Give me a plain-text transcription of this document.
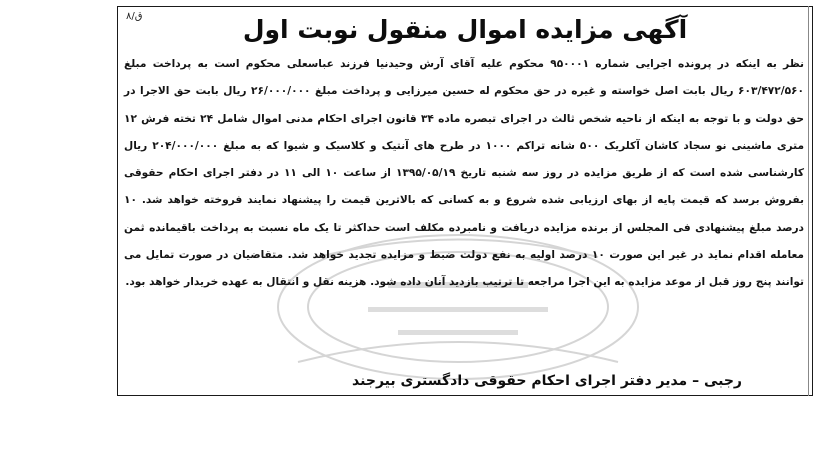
ق/۸	آگهی مزایده اموال منقول نوبت اول
نظر به اینکه در پرونده اجرایی شماره ۹۵۰۰۰۱ محکوم علیه آقای آرش وحیدنیا فرزند عباسعلی محکوم است به پرداخت مبلغ ۶۰۳/۴۷۲/۵۶۰ ریال بابت اصل خواسته و غیره در حق محکوم له حسین میرزایی و پرداخت مبلغ ۲۶/۰۰۰/۰۰۰ ریال بابت حق الاجرا در حق دولت و با توجه به اینکه از ناحیه شخص ثالث در اجرای تبصره ماده ۳۴ قانون اجرای احکام مدنی اموال شامل ۲۴ تخته فرش ۱۲ متری ماشینی نو سجاد کاشان آکلریک ۵۰۰ شانه تراکم ۱۰۰۰ در طرح های آنتیک و کلاسیک و شیوا که به مبلغ ۲۰۴/۰۰۰/۰۰۰ ریال کارشناسی شده است که از طریق مزایده در روز سه شنبه تاریخ ۱۳۹۵/۰۵/۱۹ از ساعت ۱۰ الی ۱۱ در دفتر اجرای احکام حقوقی بفروش برسد که قیمت پایه از بهای ارزیابی شده شروع و به کسانی که بالاترین قیمت را پیشنهاد نمایند فروخته خواهد شد. ۱۰ درصد مبلغ پیشنهادی فی المجلس از برنده مزایده دریافت و نامبرده مکلف است حداکثر تا یک ماه نسبت به پرداخت باقیمانده ثمن معامله اقدام نماید در غیر این صورت ۱۰ درصد اولیه به نفع دولت ضبط و مزایده تجدید خواهد شد. متقاضیان در صورت تمایل می توانند پنج روز قبل از موعد مزایده به این اجرا مراجعه تا ترتیب بازدید آنان داده شود. هزینه نقل و انتقال به عهده خریدار خواهد بود.
رجبی – مدیر دفتر اجرای احکام حقوقی دادگستری بیرجند
